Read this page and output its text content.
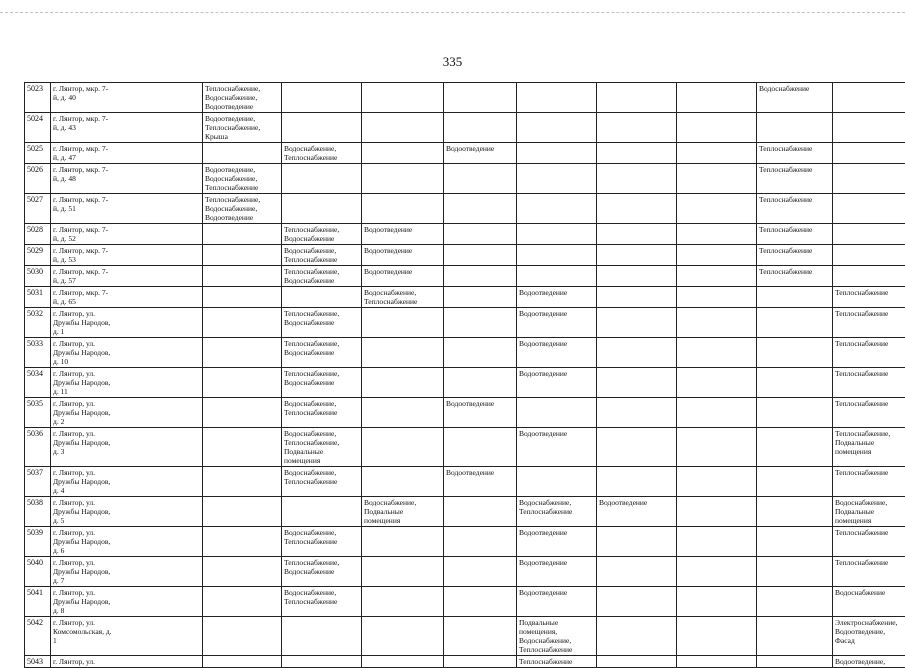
335
5023	г. Лянтор, мкр. 7-
й, д. 40	Теплоснабжение,
Водоснабжение,
Водоотведение							Водоснабжение	
5024	г. Лянтор, мкр. 7-
й, д. 43	Водоотведение,
Теплоснабжение,
Крыша								
5025	г. Лянтор, мкр. 7-
й, д. 47		Водоснабжение,
Теплоснабжение		Водоотведение				Теплоснабжение	
5026	г. Лянтор, мкр. 7-
й, д. 48	Водоотведение,
Водоснабжение,
Теплоснабжение							Теплоснабжение	
5027	г. Лянтор, мкр. 7-
й, д. 51	Теплоснабжение,
Водоснабжение,
Водоотведение							Теплоснабжение	
5028	г. Лянтор, мкр. 7-
й, д. 52		Теплоснабжение,
Водоснабжение	Водоотведение					Теплоснабжение	
5029	г. Лянтор, мкр. 7-
й, д. 53		Водоснабжение,
Теплоснабжение	Водоотведение					Теплоснабжение	
5030	г. Лянтор, мкр. 7-
й, д. 57		Теплоснабжение,
Водоснабжение	Водоотведение					Теплоснабжение	
5031	г. Лянтор, мкр. 7-
й, д. 65			Водоснабжение,
Теплоснабжение		Водоотведение				Теплоснабжение
5032	г. Лянтор, ул.
Дружбы Народов,
д. 1		Теплоснабжение,
Водоснабжение			Водоотведение				Теплоснабжение
5033	г. Лянтор, ул.
Дружбы Народов,
д. 10		Теплоснабжение,
Водоснабжение			Водоотведение				Теплоснабжение
5034	г. Лянтор, ул.
Дружбы Народов,
д. 11		Теплоснабжение,
Водоснабжение			Водоотведение				Теплоснабжение
5035	г. Лянтор, ул.
Дружбы Народов,
д. 2		Водоснабжение,
Теплоснабжение		Водоотведение					Теплоснабжение
5036	г. Лянтор, ул.
Дружбы Народов,
д. 3		Водоснабжение,
Теплоснабжение,
Подвальные
помещения			Водоотведение				Теплоснабжение,
Подвальные
помещения
5037	г. Лянтор, ул.
Дружбы Народов,
д. 4		Водоснабжение,
Теплоснабжение		Водоотведение					Теплоснабжение
5038	г. Лянтор, ул.
Дружбы Народов,
д. 5			Водоснабжение,
Подвальные
помещения		Водоснабжение,
Теплоснабжение	Водоотведение			Водоснабжение,
Подвальные
помещения
5039	г. Лянтор, ул.
Дружбы Народов,
д. 6		Водоснабжение,
Теплоснабжение			Водоотведение				Теплоснабжение
5040	г. Лянтор, ул.
Дружбы Народов,
д. 7		Теплоснабжение,
Водоснабжение			Водоотведение				Теплоснабжение
5041	г. Лянтор, ул.
Дружбы Народов,
д. 8		Водоснабжение,
Теплоснабжение			Водоотведение				Водоснабжение
5042	г. Лянтор, ул.
Комсомольская, д.
1					Подвальные
помещения,
Водоснабжение,
Теплоснабжение				Электроснабжение,
Водоотведение,
Фасад
5043	г. Лянтор, ул.					Теплоснабжение				Водоотведение,
